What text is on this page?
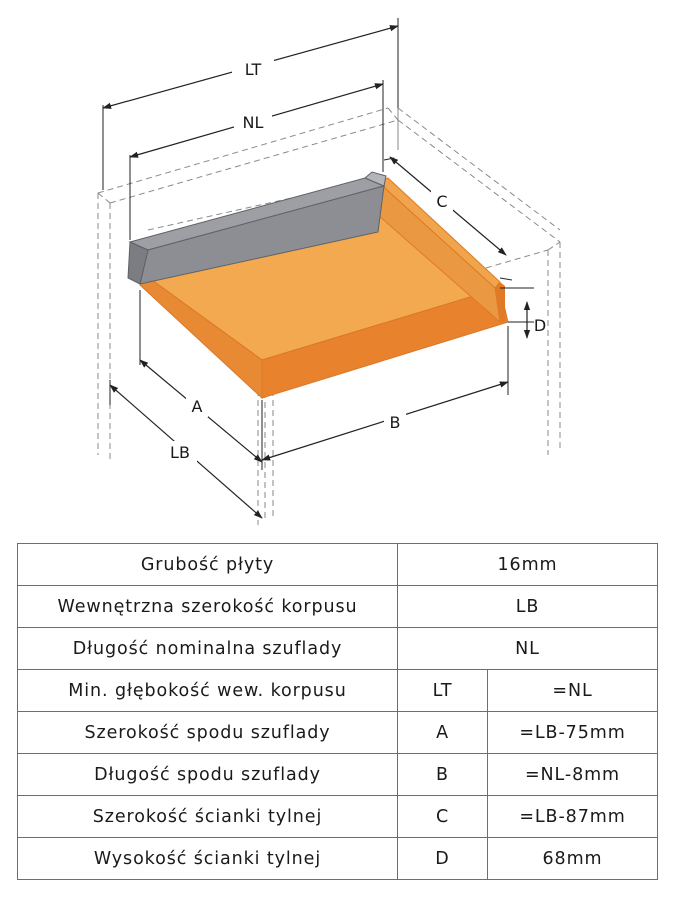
LT
NL
C
D
A
B
LB
Grubość płyty	16mm	
Wewnętrzna szerokość korpusu	LB	
Długość nominalna szuflady	NL	
Min. głębokość wew. korpusu	LT	=NL
Szerokość spodu szuflady	A	=LB-75mm
Długość spodu szuflady	B	=NL-8mm
Szerokość ścianki tylnej	C	=LB-87mm
Wysokość ścianki tylnej	D	68mm
